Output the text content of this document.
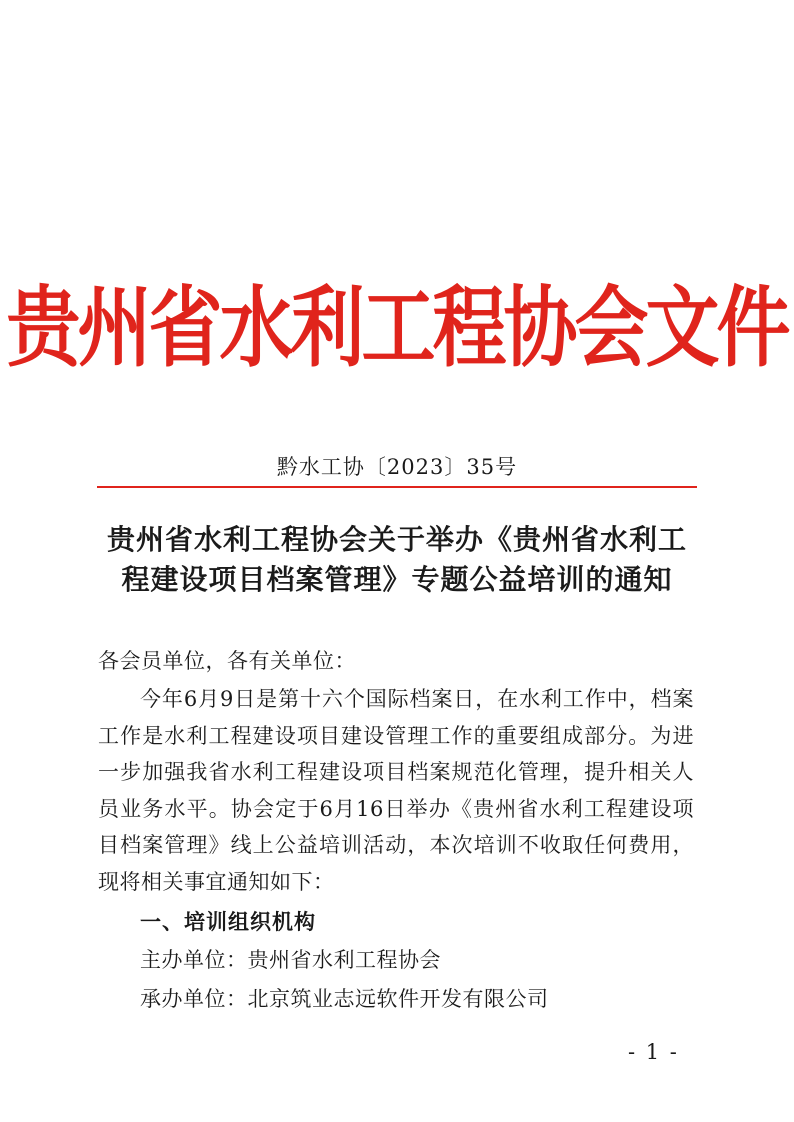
贵州省水利工程协会文件
黔水工协〔2023〕35号
贵州省水利工程协会关于举办《贵州省水利工程建设项目档案管理》专题公益培训的通知
各会员单位，各有关单位：
今年6月9日是第十六个国际档案日，在水利工作中，档案工作是水利工程建设项目建设管理工作的重要组成部分。为进一步加强我省水利工程建设项目档案规范化管理，提升相关人员业务水平。协会定于6月16日举办《贵州省水利工程建设项目档案管理》线上公益培训活动，本次培训不收取任何费用，现将相关事宜通知如下：
一、培训组织机构
主办单位：贵州省水利工程协会
承办单位：北京筑业志远软件开发有限公司
- 1 -
